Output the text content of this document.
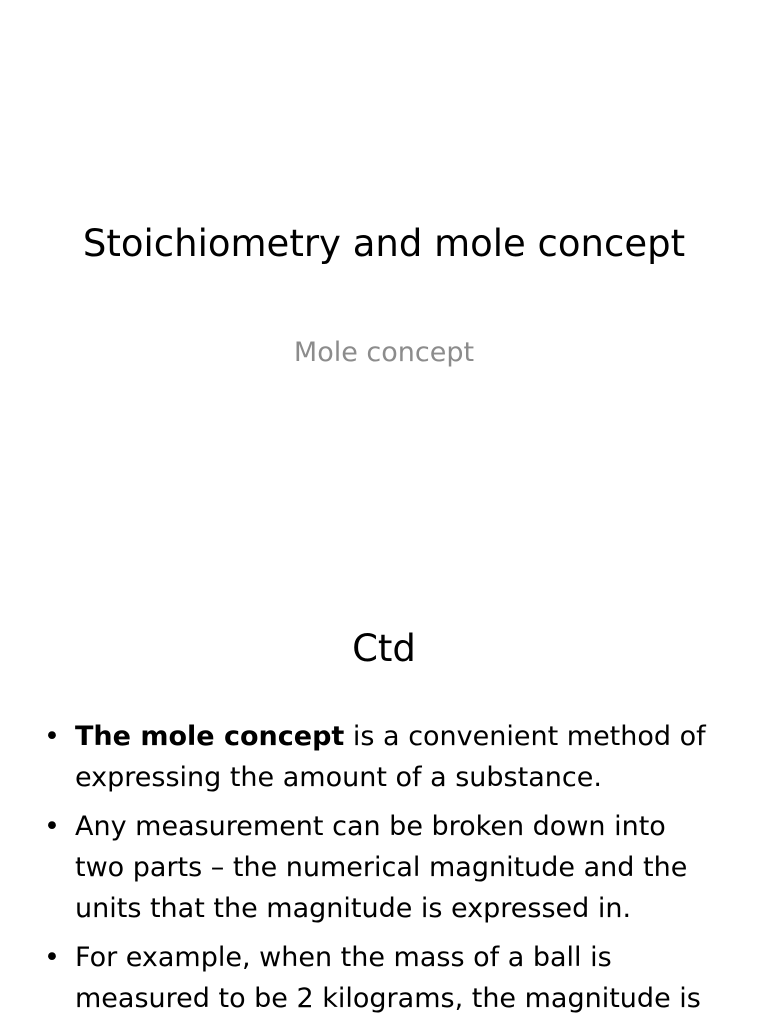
Stoichiometry and mole concept
Mole concept
Ctd
• The mole concept is a convenient method of expressing the amount of a substance.
• Any measurement can be broken down into two parts – the numerical magnitude and the units that the magnitude is expressed in.
• For example, when the mass of a ball is measured to be 2 kilograms, the magnitude is
